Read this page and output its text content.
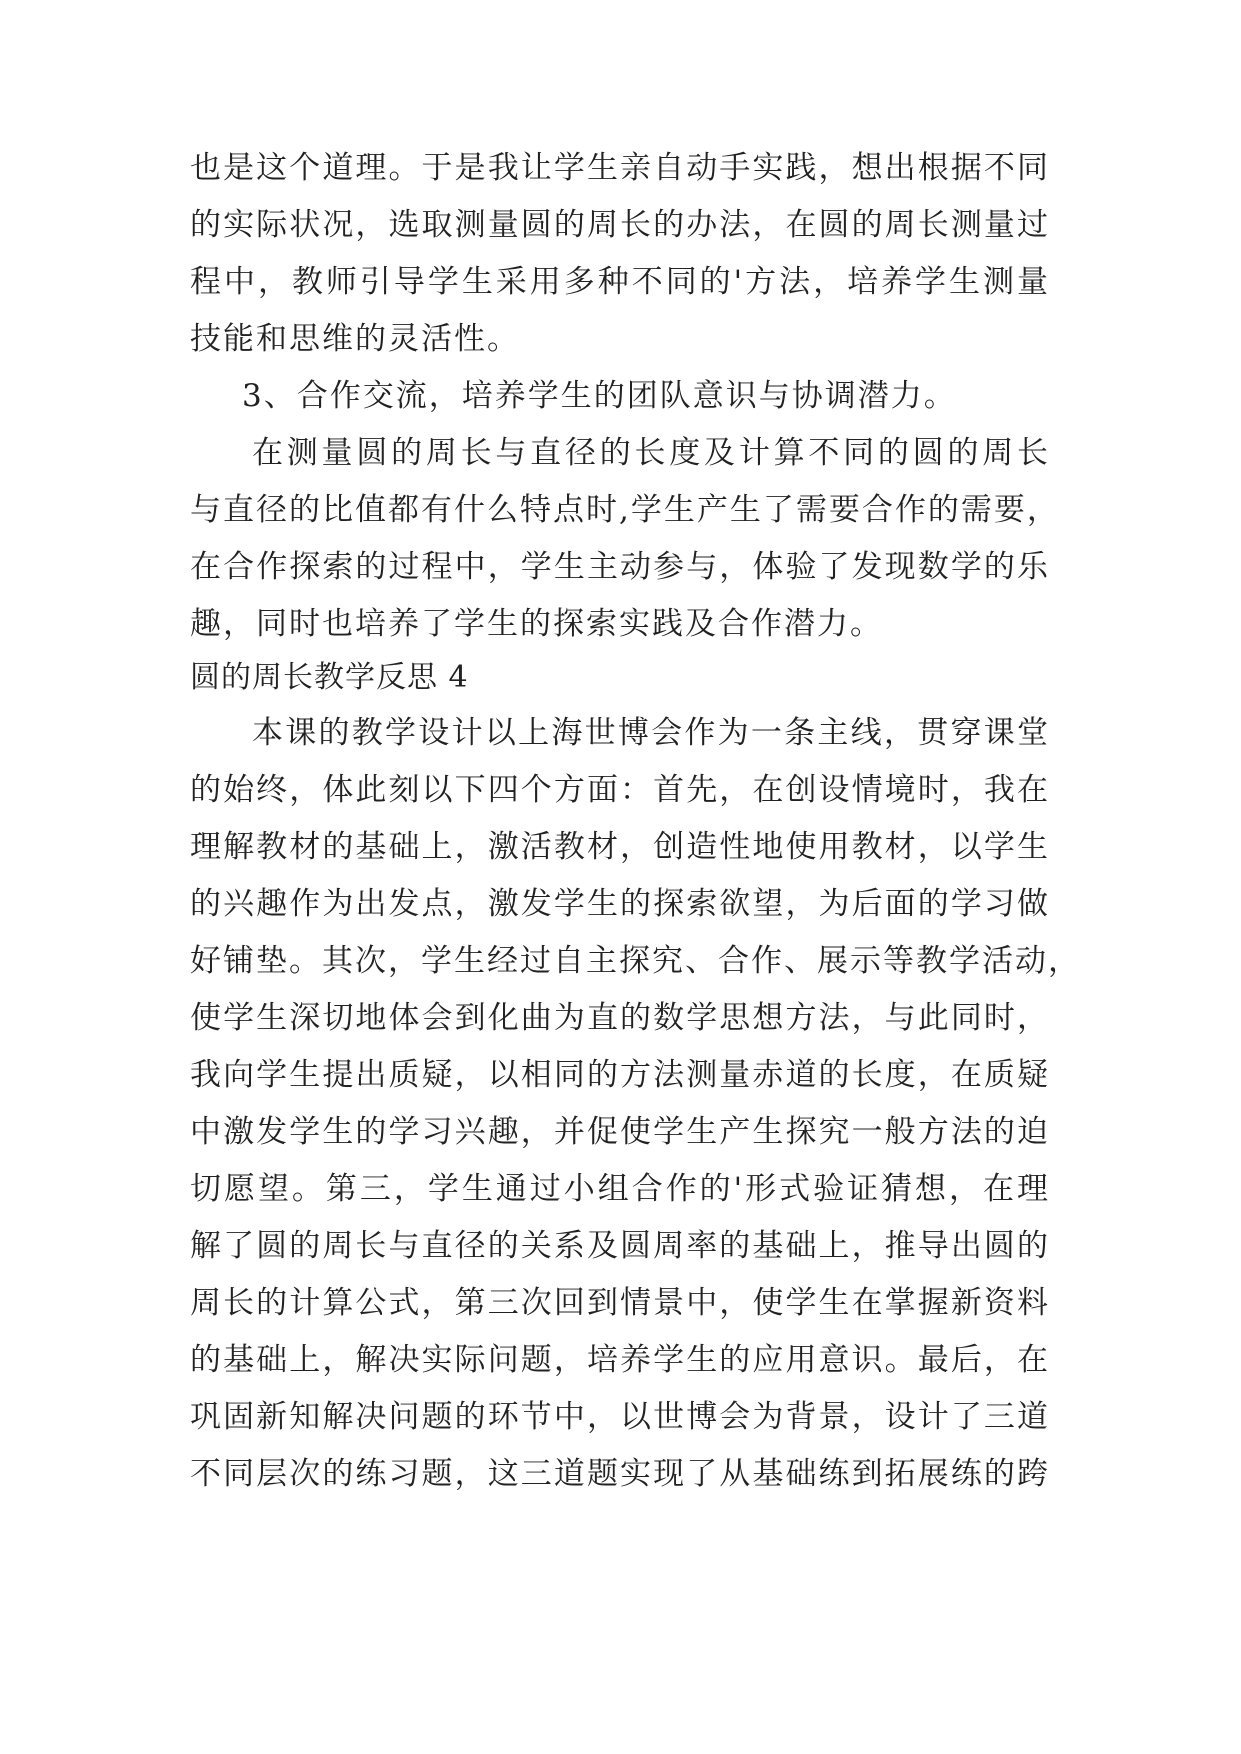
也是这个道理。于是我让学生亲自动手实践，想出根据不同
的实际状况，选取测量圆的周长的办法，在圆的周长测量过
程中，教师引导学生采用多种不同的'方法，培养学生测量
技能和思维的灵活性。
3、合作交流，培养学生的团队意识与协调潜力。
在测量圆的周长与直径的长度及计算不同的圆的周长
与直径的比值都有什么特点时,学生产生了需要合作的需要，
在合作探索的过程中，学生主动参与，体验了发现数学的乐
趣，同时也培养了学生的探索实践及合作潜力。
圆的周长教学反思 4
本课的教学设计以上海世博会作为一条主线，贯穿课堂
的始终，体此刻以下四个方面：首先，在创设情境时，我在
理解教材的基础上，激活教材，创造性地使用教材，以学生
的兴趣作为出发点，激发学生的探索欲望，为后面的学习做
好铺垫。其次，学生经过自主探究、合作、展示等教学活动，
使学生深切地体会到化曲为直的数学思想方法，与此同时，
我向学生提出质疑，以相同的方法测量赤道的长度，在质疑
中激发学生的学习兴趣，并促使学生产生探究一般方法的迫
切愿望。第三，学生通过小组合作的'形式验证猜想，在理
解了圆的周长与直径的关系及圆周率的基础上，推导出圆的
周长的计算公式，第三次回到情景中，使学生在掌握新资料
的基础上，解决实际问题，培养学生的应用意识。最后，在
巩固新知解决问题的环节中，以世博会为背景，设计了三道
不同层次的练习题，这三道题实现了从基础练到拓展练的跨
